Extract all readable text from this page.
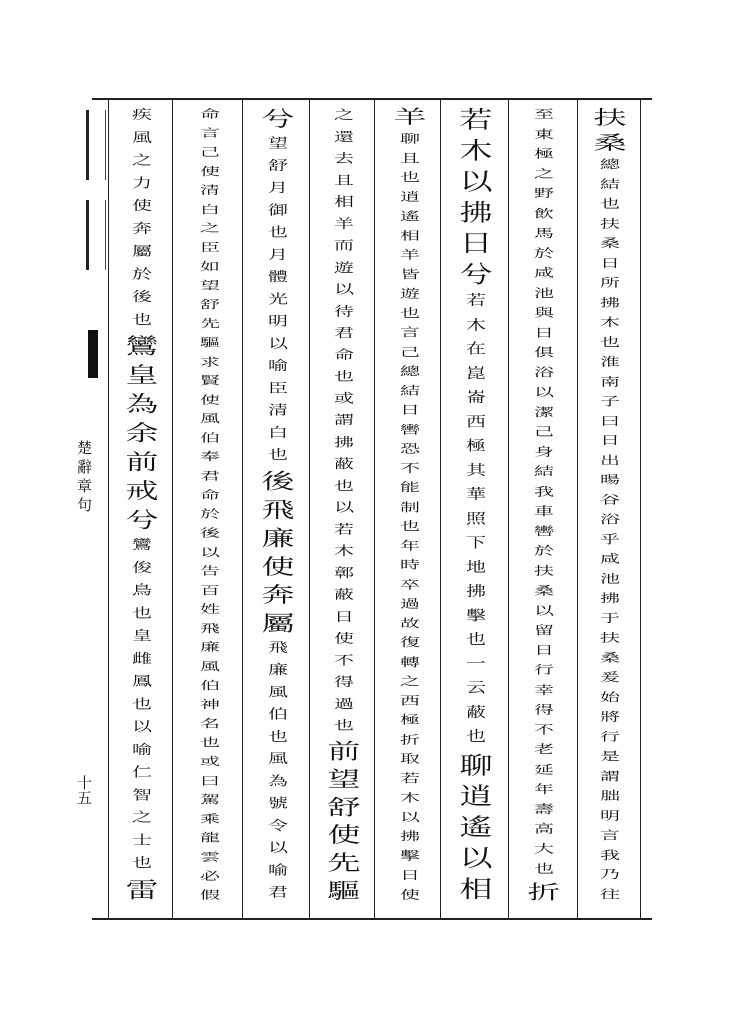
楚辭章句
十五
扶
桑
總
結
也
扶
桑
日
所
拂
木
也
淮
南
子
曰
日
出
暘
谷
浴
乎
咸
池
拂
于
扶
桑
爰
始
將
行
是
謂
朏
明
言
我
乃
往
至
東
極
之
野
飲
馬
於
咸
池
與
日
俱
浴
以
潔
己
身
結
我
車
轡
於
扶
桑
以
留
日
行
幸
得
不
老
延
年
壽
高
大
也
折
若
木
以
拂
日
兮
若
木
在
崑
崙
西
極
其
華
照
下
地
拂
擊
也
一
云
蔽
也
聊
逍
遙
以
相
羊
聊
且
也
逍
遙
相
羊
皆
遊
也
言
己
總
結
日
轡
恐
不
能
制
也
年
時
卒
過
故
復
轉
之
西
極
折
取
若
木
以
拂
擊
日
使
之
還
去
且
相
羊
而
遊
以
待
君
命
也
或
謂
拂
蔽
也
以
若
木
鄣
蔽
日
使
不
得
過
也
前
望
舒
使
先
驅
兮
望
舒
月
御
也
月
體
光
明
以
喻
臣
清
白
也
後
飛
廉
使
奔
屬
飛
廉
風
伯
也
風
為
號
令
以
喻
君
命
言
己
使
清
白
之
臣
如
望
舒
先
驅
求
賢
使
風
伯
奉
君
命
於
後
以
告
百
姓
飛
廉
風
伯
神
名
也
或
曰
駕
乘
龍
雲
必
假
疾
風
之
力
使
奔
屬
於
後
也
鸞
皇
為
余
前
戒
兮
鸞
俊
鳥
也
皇
雌
鳳
也
以
喻
仁
智
之
士
也
雷
